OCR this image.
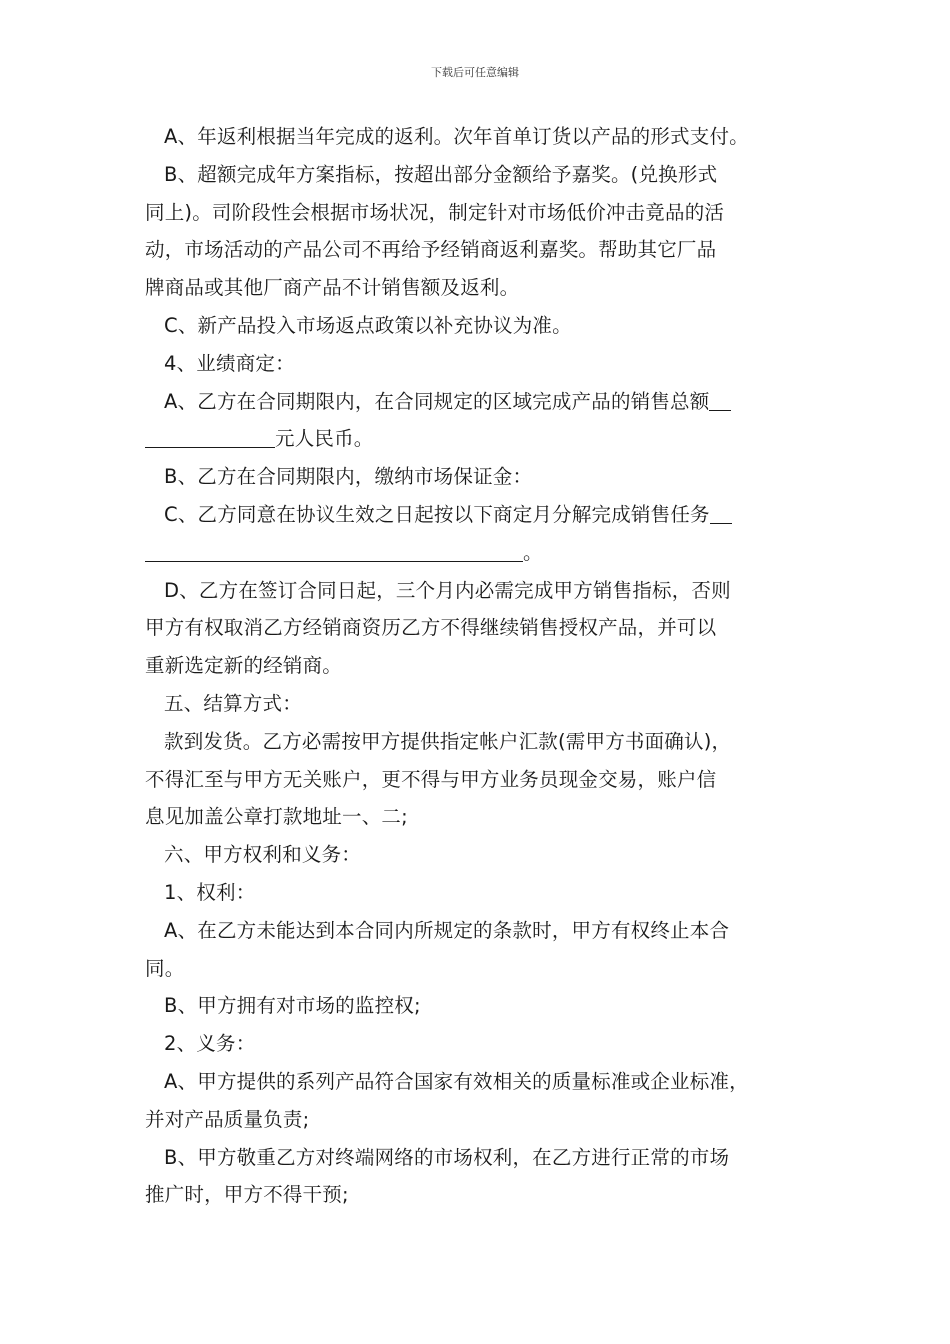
下载后可任意编辑

A、年返利根据当年完成的返利。次年首单订货以产品的形式支付。

B、超额完成年方案指标，按超出部分金额给予嘉奖。(兑换形式

同上)。司阶段性会根据市场状况，制定针对市场低价冲击竟品的活

动，市场活动的产品公司不再给予经销商返利嘉奖。帮助其它厂品

牌商品或其他厂商产品不计销售额及返利。

C、新产品投入市场返点政策以补充协议为准。

4、业绩商定：

A、乙方在合同期限内，在合同规定的区域完成产品的销售总额

元人民币。

B、乙方在合同期限内，缴纳市场保证金：

C、乙方同意在协议生效之日起按以下商定月分解完成销售任务

。

D、乙方在签订合同日起，三个月内必需完成甲方销售指标，否则

甲方有权取消乙方经销商资历乙方不得继续销售授权产品，并可以

重新选定新的经销商。

五、结算方式：

款到发货。乙方必需按甲方提供指定帐户汇款(需甲方书面确认)，

不得汇至与甲方无关账户，更不得与甲方业务员现金交易，账户信

息见加盖公章打款地址一、二;

六、甲方权利和义务：

1、权利：

A、在乙方未能达到本合同内所规定的条款时，甲方有权终止本合

同。

B、甲方拥有对市场的监控权;

2、义务：

A、甲方提供的系列产品符合国家有效相关的质量标准或企业标准，

并对产品质量负责;

B、甲方敬重乙方对终端网络的市场权利，在乙方进行正常的市场

推广时，甲方不得干预;
